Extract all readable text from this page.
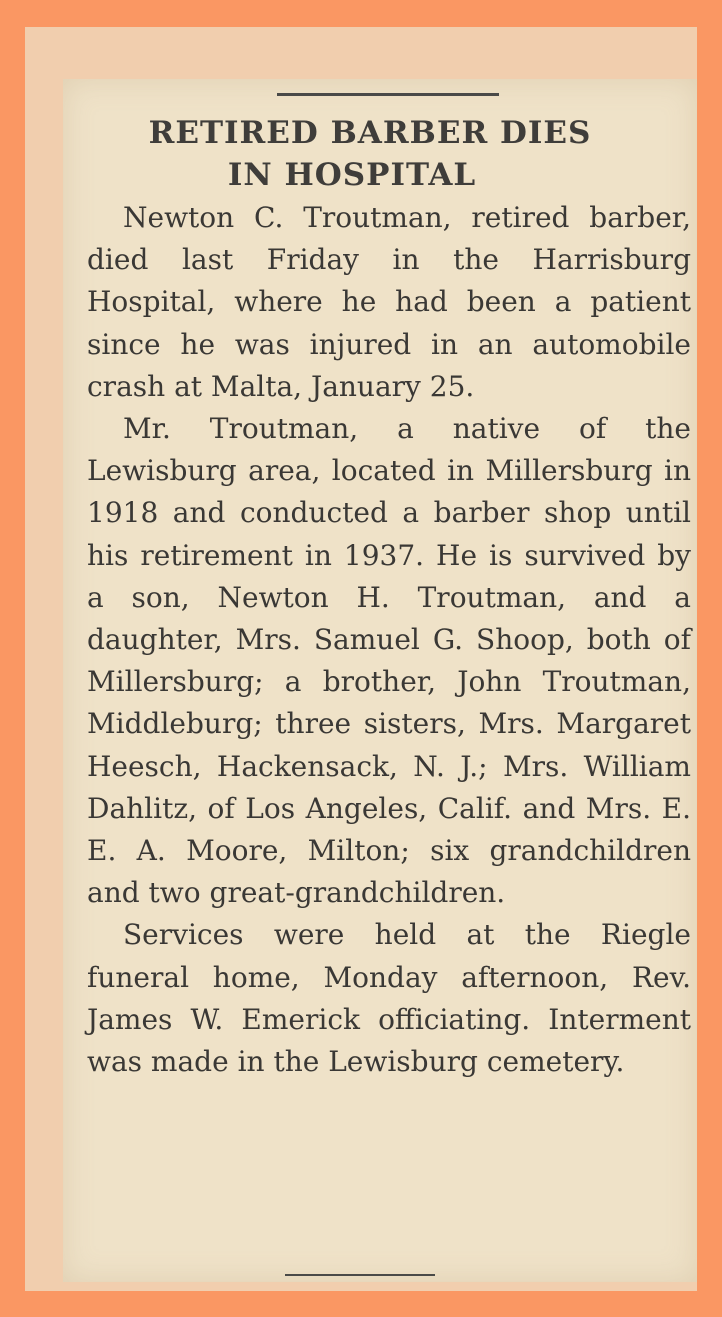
RETIRED BARBER DIES
IN HOSPITAL

Newton C. Troutman, retired barber, died last Friday in the Harrisburg Hospital, where he had been a patient since he was injured in an automobile crash at Malta, January 25.

Mr. Troutman, a native of the Lewisburg area, located in Millersburg in 1918 and conducted a barber shop until his retirement in 1937. He is survived by a son, Newton H. Troutman, and a daughter, Mrs. Samuel G. Shoop, both of Millersburg; a brother, John Troutman, Middleburg; three sisters, Mrs. Margaret Heesch, Hackensack, N. J.; Mrs. William Dahlitz, of Los Angeles, Calif. and Mrs. E. E. A. Moore, Milton; six grandchildren and two great-grandchildren.

Services were held at the Riegle funeral home, Monday afternoon, Rev. James W. Emerick officiating. Interment was made in the Lewisburg cemetery.
